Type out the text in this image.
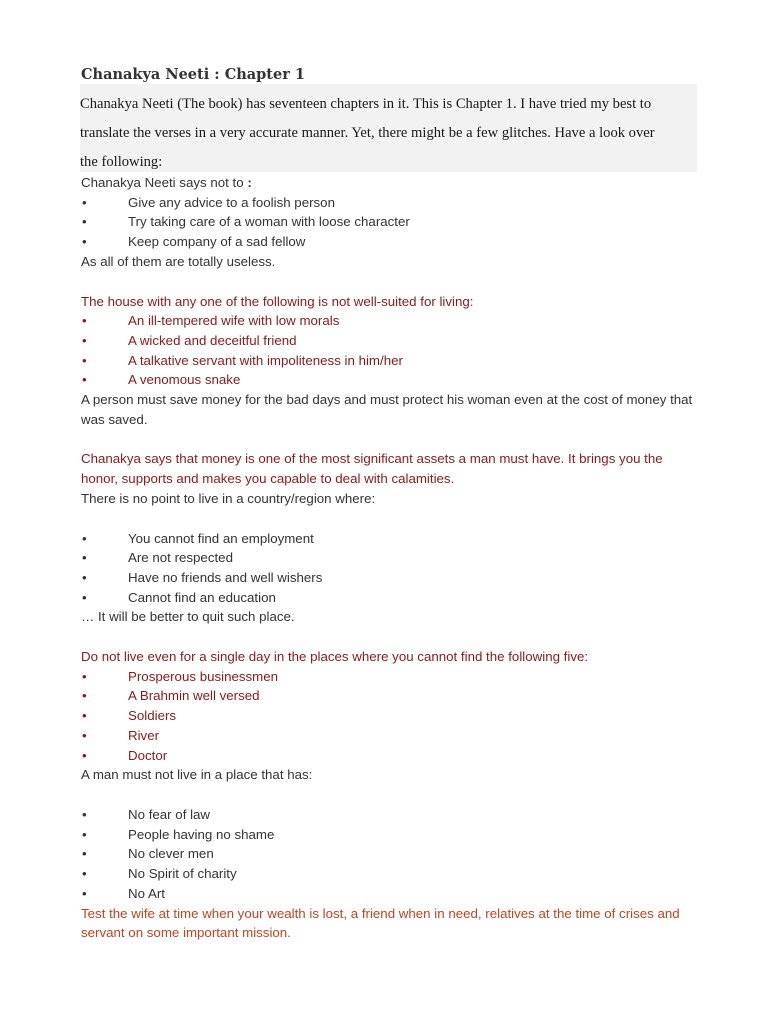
Chanakya Neeti : Chapter 1

Chanakya Neeti (The book) has seventeen chapters in it. This is Chapter 1. I have tried my best to
translate the verses in a very accurate manner. Yet, there might be a few glitches. Have a look over
the following:

Chanakya Neeti says not to :

•	Give any advice to a foolish person
•	Try taking care of a woman with loose character
•	Keep company of a sad fellow

As all of them are totally useless.

The house with any one of the following is not well-suited for living:

•	An ill-tempered wife with low morals
•	A wicked and deceitful friend
•	A talkative servant with impoliteness in him/her
•	A venomous snake

A person must save money for the bad days and must protect his woman even at the cost of money that was saved.

Chanakya says that money is one of the most significant assets a man must have. It brings you the honor, supports and makes you capable to deal with calamities.

There is no point to live in a country/region where:

•	You cannot find an employment
•	Are not respected
•	Have no friends and well wishers
•	Cannot find an education

… It will be better to quit such place.

Do not live even for a single day in the places where you cannot find the following five:

•	Prosperous businessmen
•	A Brahmin well versed
•	Soldiers
•	River
•	Doctor

A man must not live in a place that has:

•	No fear of law
•	People having no shame
•	No clever men
•	No Spirit of charity
•	No Art

Test the wife at time when your wealth is lost, a friend when in need, relatives at the time of crises and servant on some important mission.
